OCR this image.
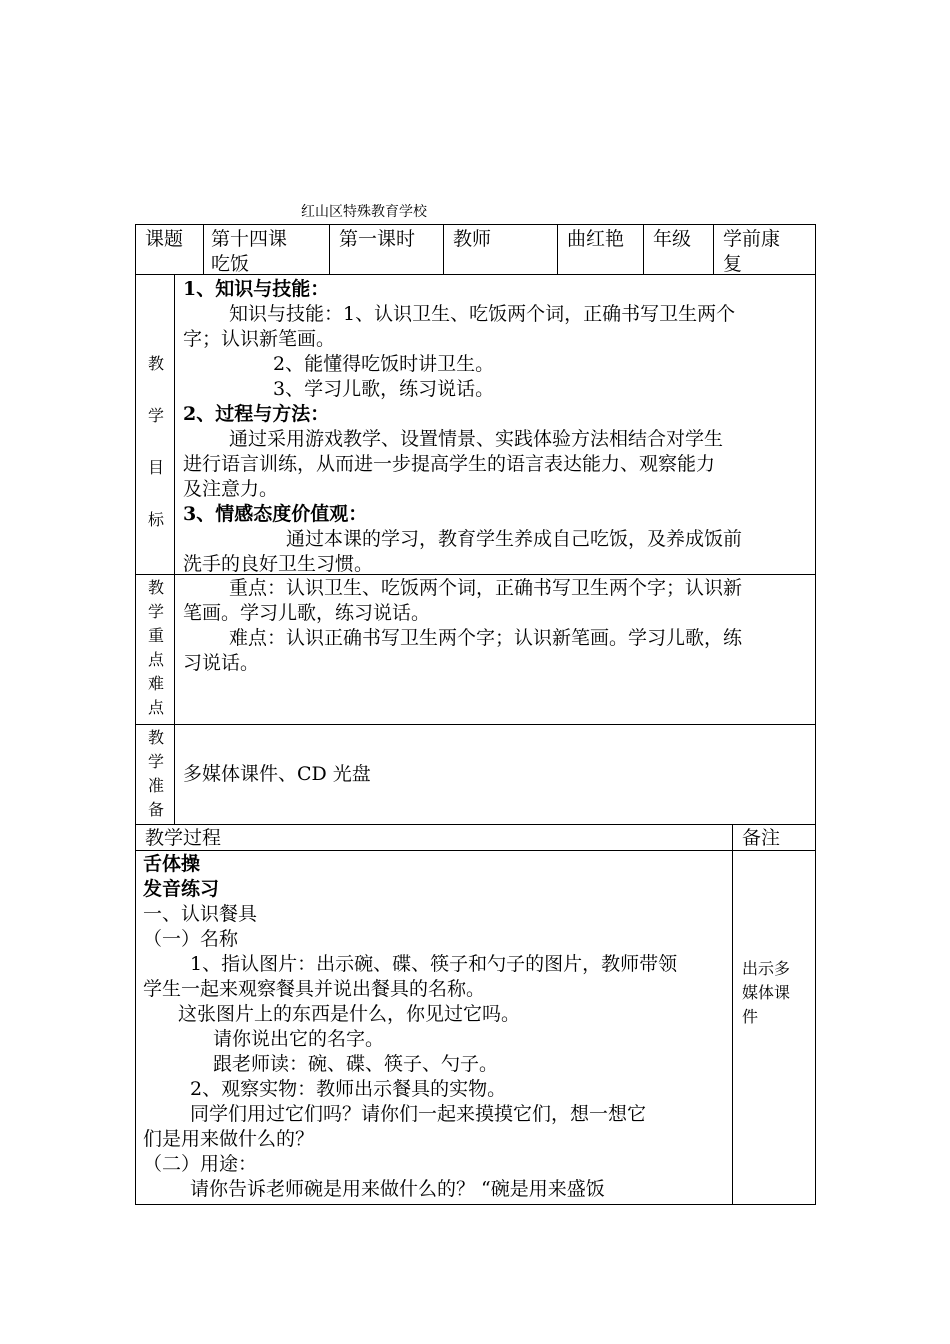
红山区特殊教育学校
课题 第十四课
吃饭
第一课时 教师	曲红艳 年级 学前康
复
教
学
目
标
1、知识与技能：
知识与技能：1、认识卫生、吃饭两个词，正确书写卫生两个
字；认识新笔画。
2、能懂得吃饭时讲卫生。
3、学习儿歌，练习说话。
2、过程与方法：
通过采用游戏教学、设置情景、实践体验方法相结合对学生
进行语言训练，从而进一步提高学生的语言表达能力、观察能力
及注意力。
3、情感态度价值观：
通过本课的学习，教育学生养成自己吃饭，及养成饭前
洗手的良好卫生习惯。
教
学
重
点
难
点
重点：认识卫生、吃饭两个词，正确书写卫生两个字；认识新
笔画。学习儿歌，练习说话。
难点：认识正确书写卫生两个字；认识新笔画。学习儿歌，练
习说话。
教
学
准
备
多媒体课件、CD 光盘
教学过程	备注
舌体操
发音练习
一、认识餐具
（一）名称
1、指认图片：出示碗、碟、筷子和勺子的图片，教师带领
学生一起来观察餐具并说出餐具的名称。
这张图片上的东西是什么，你见过它吗。
请你说出它的名字。
跟老师读：碗、碟、筷子、勺子。
2、观察实物：教师出示餐具的实物。
同学们用过它们吗？请你们一起来摸摸它们，想一想它
们是用来做什么的？
（二）用途：
请你告诉老师碗是用来做什么的？ “碗是用来盛饭
出示多
媒体课
件
